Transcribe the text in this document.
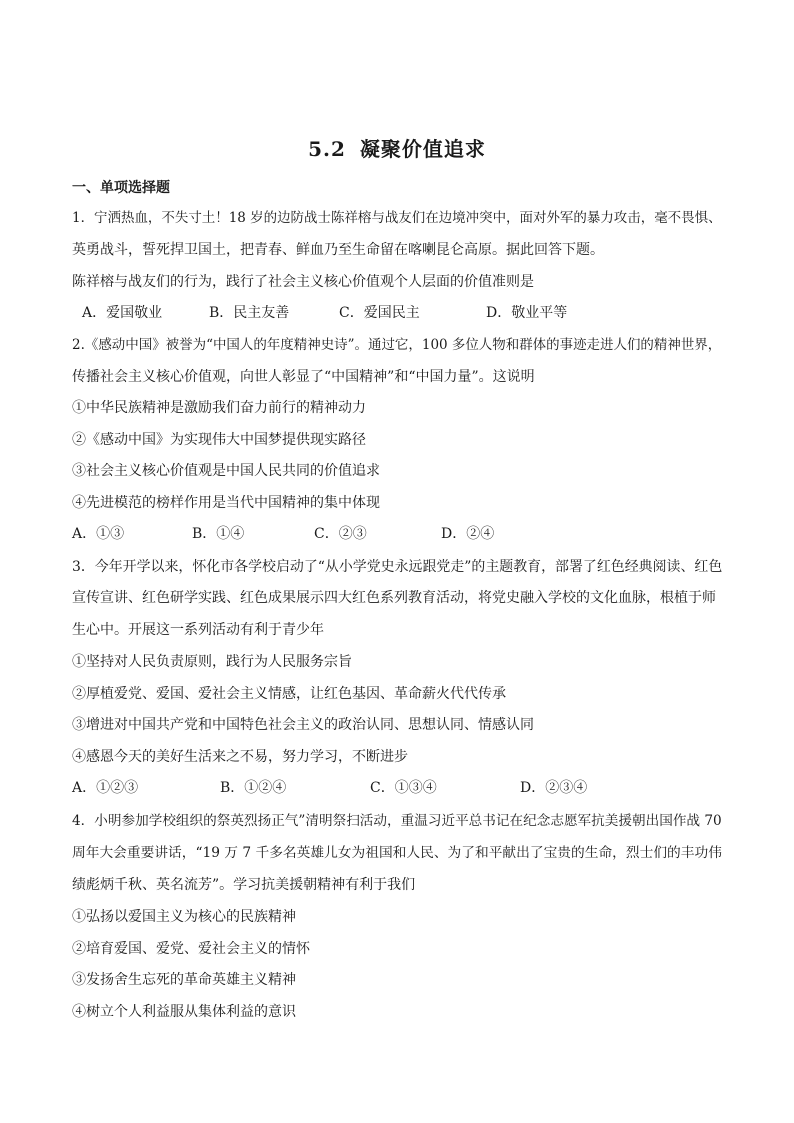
5.2 凝聚价值追求
一、单项选择题
1．宁洒热血，不失寸土！18 岁的边防战士陈祥榕与战友们在边境冲突中，面对外军的暴力攻击，毫不畏惧、
英勇战斗，誓死捍卫国土，把青春、鲜血乃至生命留在喀喇昆仑高原。据此回答下题。
陈祥榕与战友们的行为，践行了社会主义核心价值观个人层面的价值准则是
A．爱国敬业	B．民主友善	C．爱国民主	D．敬业平等
2.《感动中国》被誉为“中国人的年度精神史诗”。通过它，100 多位人物和群体的事迹走进人们的精神世界，
传播社会主义核心价值观，向世人彰显了“中国精神”和“中国力量”。这说明
①中华民族精神是激励我们奋力前行的精神动力
②《感动中国》为实现伟大中国梦提供现实路径
③社会主义核心价值观是中国人民共同的价值追求
④先进模范的榜样作用是当代中国精神的集中体现
A．①③	B．①④	C．②③	D．②④
3．今年开学以来，怀化市各学校启动了“从小学党史永远跟党走”的主题教育，部署了红色经典阅读、红色
宣传宣讲、红色研学实践、红色成果展示四大红色系列教育活动，将党史融入学校的文化血脉，根植于师
生心中。开展这一系列活动有利于青少年
①坚持对人民负责原则，践行为人民服务宗旨
②厚植爱党、爱国、爱社会主义情感，让红色基因、革命薪火代代传承
③增进对中国共产党和中国特色社会主义的政治认同、思想认同、情感认同
④感恩今天的美好生活来之不易，努力学习，不断进步
A．①②③	B．①②④	C．①③④	D．②③④
4．小明参加学校组织的祭英烈扬正气”清明祭扫活动，重温习近平总书记在纪念志愿军抗美援朝出国作战 70
周年大会重要讲话，“19 万 7 千多名英雄儿女为祖国和人民、为了和平献出了宝贵的生命，烈士们的丰功伟
绩彪炳千秋、英名流芳”。学习抗美援朝精神有利于我们
①弘扬以爱国主义为核心的民族精神
②培育爱国、爱党、爱社会主义的情怀
③发扬舍生忘死的革命英雄主义精神
④树立个人利益服从集体利益的意识
